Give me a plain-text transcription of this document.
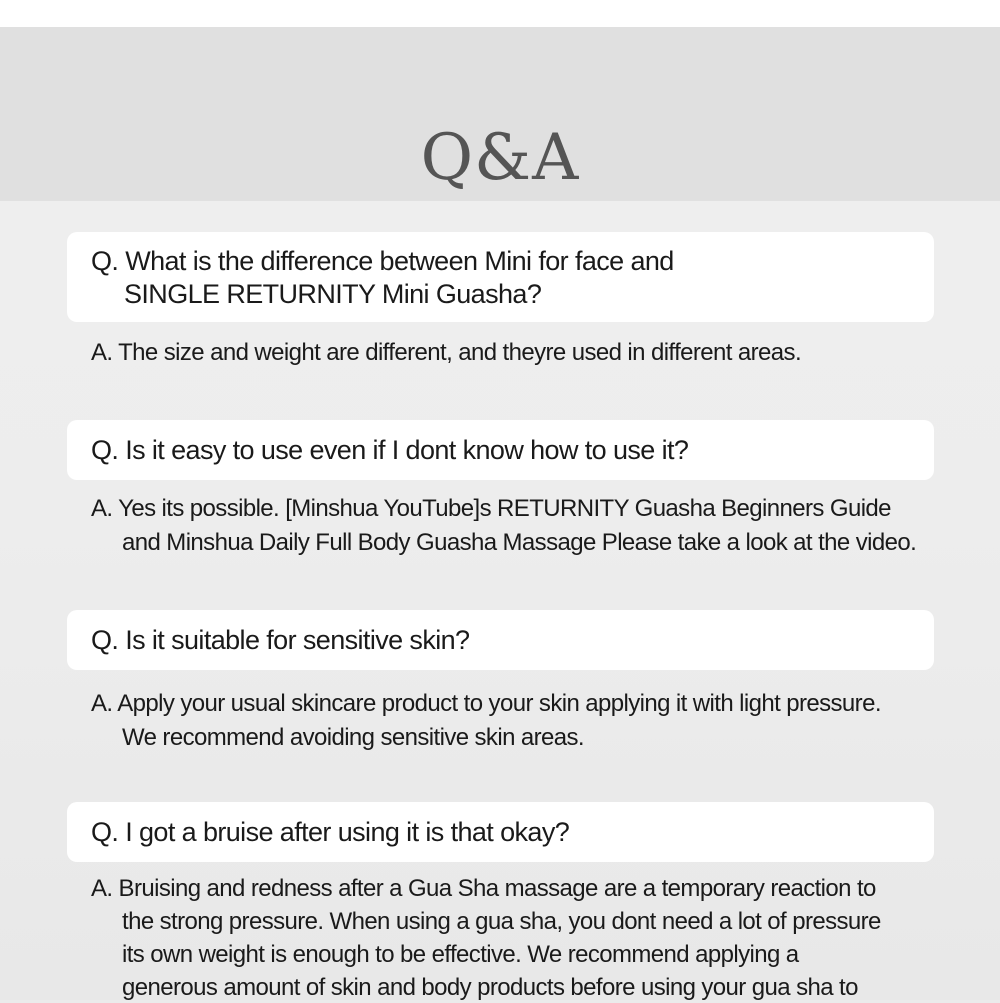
Q&A
Q. What is the difference between Mini for face and
SINGLE RETURNITY Mini Guasha?
A. The size and weight are different, and theyre used in different areas.
Q. Is it easy to use even if I dont know how to use it?
A. Yes its possible. [Minshua YouTube]s RETURNITY Guasha Beginners Guide
and Minshua Daily Full Body Guasha Massage Please take a look at the video.
Q. Is it suitable for sensitive skin?
A. Apply your usual skincare product to your skin applying it with light pressure.
We recommend avoiding sensitive skin areas.
Q. I got a bruise after using it is that okay?
A. Bruising and redness after a Gua Sha massage are a temporary reaction to
the strong pressure. When using a gua sha, you dont need a lot of pressure
its own weight is enough to be effective. We recommend applying a
generous amount of skin and body products before using your gua sha to
